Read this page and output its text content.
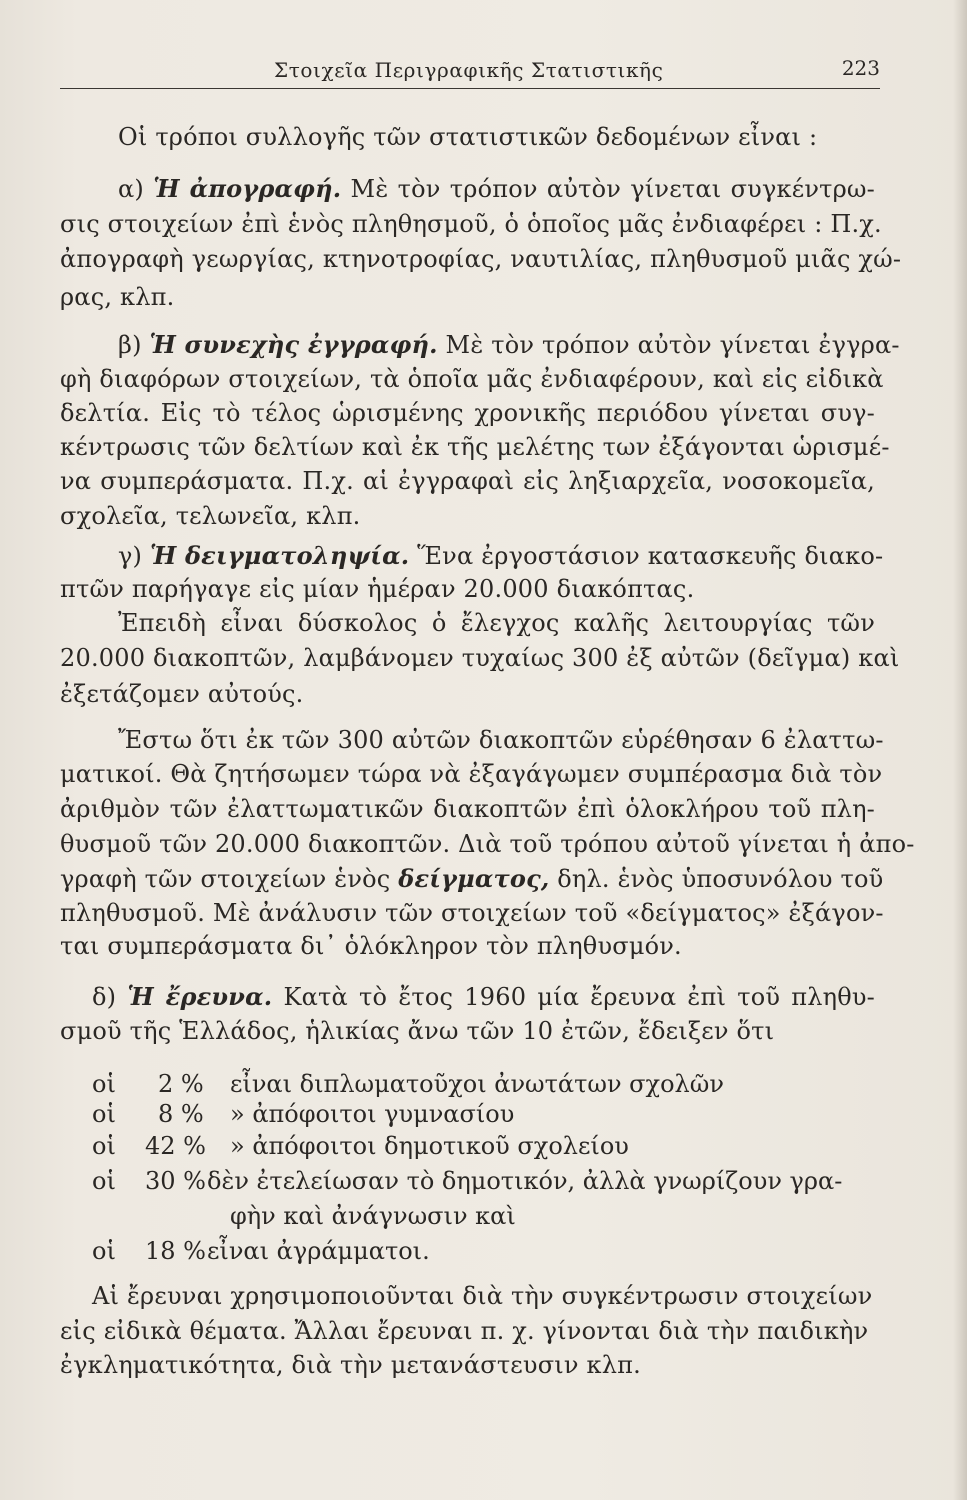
Στοιχεῖα Περιγραφικῆς Στατιστικῆς	223
Οἱ τρόποι συλλογῆς τῶν στατιστικῶν δεδομένων εἶναι :
α) Ἡ ἀπογραφή. Μὲ τὸν τρόπον αὐτὸν γίνεται συγκέντρω-
σις στοιχείων ἐπὶ ἑνὸς πληθησμοῦ, ὁ ὁποῖος μᾶς ἐνδιαφέρει : Π.χ.
ἀπογραφὴ γεωργίας, κτηνοτροφίας, ναυτιλίας, πληθυσμοῦ μιᾶς χώ-
ρας, κλπ.
β) Ἡ συνεχὴς ἐγγραφή. Μὲ τὸν τρόπον αὐτὸν γίνεται ἐγγρα-
φὴ διαφόρων στοιχείων, τὰ ὁποῖα μᾶς ἐνδιαφέρουν, καὶ εἰς εἰδικὰ
δελτία. Εἰς τὸ τέλος ὡρισμένης χρονικῆς περιόδου γίνεται συγ-
κέντρωσις τῶν δελτίων καὶ ἐκ τῆς μελέτης των ἐξάγονται ὡρισμέ-
να συμπεράσματα. Π.χ. αἱ ἐγγραφαὶ εἰς ληξιαρχεῖα, νοσοκομεῖα,
σχολεῖα, τελωνεῖα, κλπ.
γ) Ἡ δειγματοληψία. Ἕνα ἐργοστάσιον κατασκευῆς διακο-
πτῶν παρήγαγε εἰς μίαν ἡμέραν 20.000 διακόπτας.
Ἐπειδὴ εἶναι δύσκολος ὁ ἔλεγχος καλῆς λειτουργίας τῶν
20.000 διακοπτῶν, λαμβάνομεν τυχαίως 300 ἐξ αὐτῶν (δεῖγμα) καὶ
ἐξετάζομεν αὐτούς.
Ἔστω ὅτι ἐκ τῶν 300 αὐτῶν διακοπτῶν εὑρέθησαν 6 ἐλαττω-
ματικοί. Θὰ ζητήσωμεν τώρα νὰ ἐξαγάγωμεν συμπέρασμα διὰ τὸν
ἀριθμὸν τῶν ἐλαττωματικῶν διακοπτῶν ἐπὶ ὁλοκλήρου τοῦ πλη-
θυσμοῦ τῶν 20.000 διακοπτῶν. Διὰ τοῦ τρόπου αὐτοῦ γίνεται ἡ ἀπο-
γραφὴ τῶν στοιχείων ἑνὸς δείγματος, δηλ. ἑνὸς ὑποσυνόλου τοῦ
πληθυσμοῦ. Μὲ ἀνάλυσιν τῶν στοιχείων τοῦ «δείγματος» ἐξάγον-
ται συμπεράσματα δι᾽ ὁλόκληρον τὸν πληθυσμόν.
δ) Ἡ ἔρευνα. Κατὰ τὸ ἔτος 1960 μία ἔρευνα ἐπὶ τοῦ πληθυ-
σμοῦ τῆς Ἑλλάδος, ἡλικίας ἄνω τῶν 10 ἐτῶν, ἔδειξεν ὅτι
οἱ 2 % εἶναι διπλωματοῦχοι ἀνωτάτων σχολῶν
οἱ 8 % » ἀπόφοιτοι γυμνασίου
οἱ 42 % » ἀπόφοιτοι δημοτικοῦ σχολείου
οἱ 30 % δὲν ἐτελείωσαν τὸ δημοτικόν, ἀλλὰ γνωρίζουν γρα-
φὴν καὶ ἀνάγνωσιν καὶ
οἱ 18 % εἶναι ἀγράμματοι.
Αἱ ἔρευναι χρησιμοποιοῦνται διὰ τὴν συγκέντρωσιν στοιχείων
εἰς εἰδικὰ θέματα. Ἄλλαι ἔρευναι π. χ. γίνονται διὰ τὴν παιδικὴν
ἐγκληματικότητα, διὰ τὴν μετανάστευσιν κλπ.
